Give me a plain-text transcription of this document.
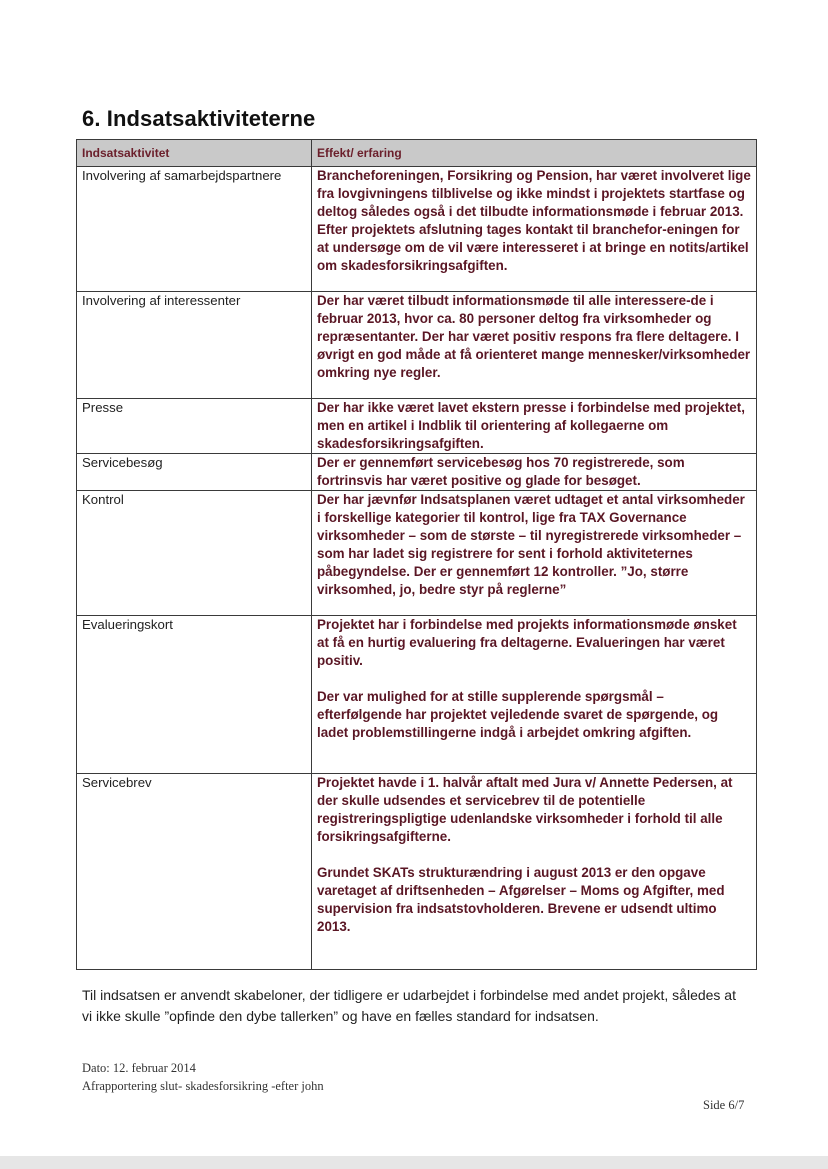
6. Indsatsaktiviteterne
Indsatsaktivitet	Effekt/ erfaring
Involvering af samarbejdspartnere	Brancheforeningen, Forsikring og Pension, har været involveret lige fra lovgivningens tilblivelse og ikke mindst i projektets startfase og deltog således også i det tilbudte informationsmøde i februar 2013.
Efter projektets afslutning tages kontakt til branchefor-eningen for at undersøge om de vil være interesseret i at bringe en notits/artikel om skadesforsikringsafgiften.
Involvering af interessenter	Der har været tilbudt informationsmøde til alle interessere-de i februar 2013, hvor ca. 80 personer deltog fra virksomheder og repræsentanter. Der har været positiv respons fra flere deltagere. I øvrigt en god måde at få orienteret mange mennesker/virksomheder omkring nye regler.
Presse	Der har ikke været lavet ekstern presse i forbindelse med projektet, men en artikel i Indblik til orientering af kollegaerne om skadesforsikringsafgiften.
Servicebesøg	Der er gennemført servicebesøg hos 70 registrerede, som fortrinsvis har været positive og glade for besøget.
Kontrol	Der har jævnfør Indsatsplanen været udtaget et antal virksomheder i forskellige kategorier til kontrol, lige fra TAX Governance virksomheder – som de største – til nyregistrerede virksomheder – som har ladet sig registrere for sent i forhold aktiviteternes påbegyndelse. Der er gennemført 12 kontroller. ”Jo, større virksomhed, jo, bedre styr på reglerne”
Evalueringskort	Projektet har i forbindelse med projekts informationsmøde ønsket at få en hurtig evaluering fra deltagerne. Evalueringen har været positiv.

Der var mulighed for at stille supplerende spørgsmål – efterfølgende har projektet vejledende svaret de spørgende, og ladet problemstillingerne indgå i arbejdet omkring afgiften.
Servicebrev	Projektet havde i 1. halvår aftalt med Jura v/ Annette Pedersen, at der skulle udsendes et servicebrev til de potentielle registreringspligtige udenlandske virksomheder i forhold til alle forsikringsafgifterne.

Grundet SKATs strukturændring i august 2013 er den opgave varetaget af driftsenheden – Afgørelser – Moms og Afgifter, med supervision fra indsatstovholderen. Brevene er udsendt ultimo 2013.
Til indsatsen er anvendt skabeloner, der tidligere er udarbejdet i forbindelse med andet projekt, således at vi ikke skulle ”opfinde den dybe tallerken” og have en fælles standard for indsatsen.
Dato: 12. februar 2014
Afrapportering slut- skadesforsikring -efter john
Side 6/7
